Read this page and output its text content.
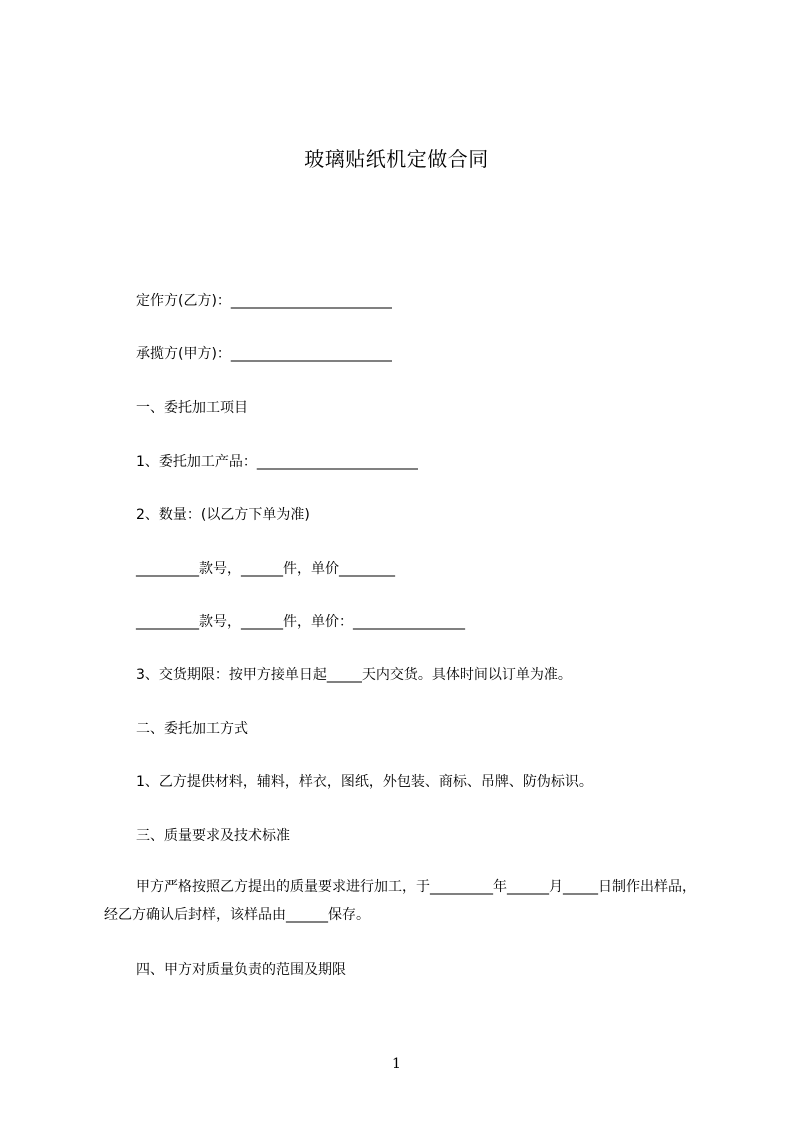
玻璃贴纸机定做合同
定作方(乙方)：_______________________
承揽方(甲方)：_______________________
一、委托加工项目
1、委托加工产品：_______________________
2、数量：(以乙方下单为准)
_________款号，______件，单价________
_________款号，______件，单价：________________
3、交货期限：按甲方接单日起_____天内交货。具体时间以订单为准。
二、委托加工方式
1、乙方提供材料，辅料，样衣，图纸，外包装、商标、吊牌、防伪标识。
三、质量要求及技术标准
甲方严格按照乙方提出的质量要求进行加工，于_________年______月_____日制作出样品，经乙方确认后封样，该样品由______保存。
四、甲方对质量负责的范围及期限
1
